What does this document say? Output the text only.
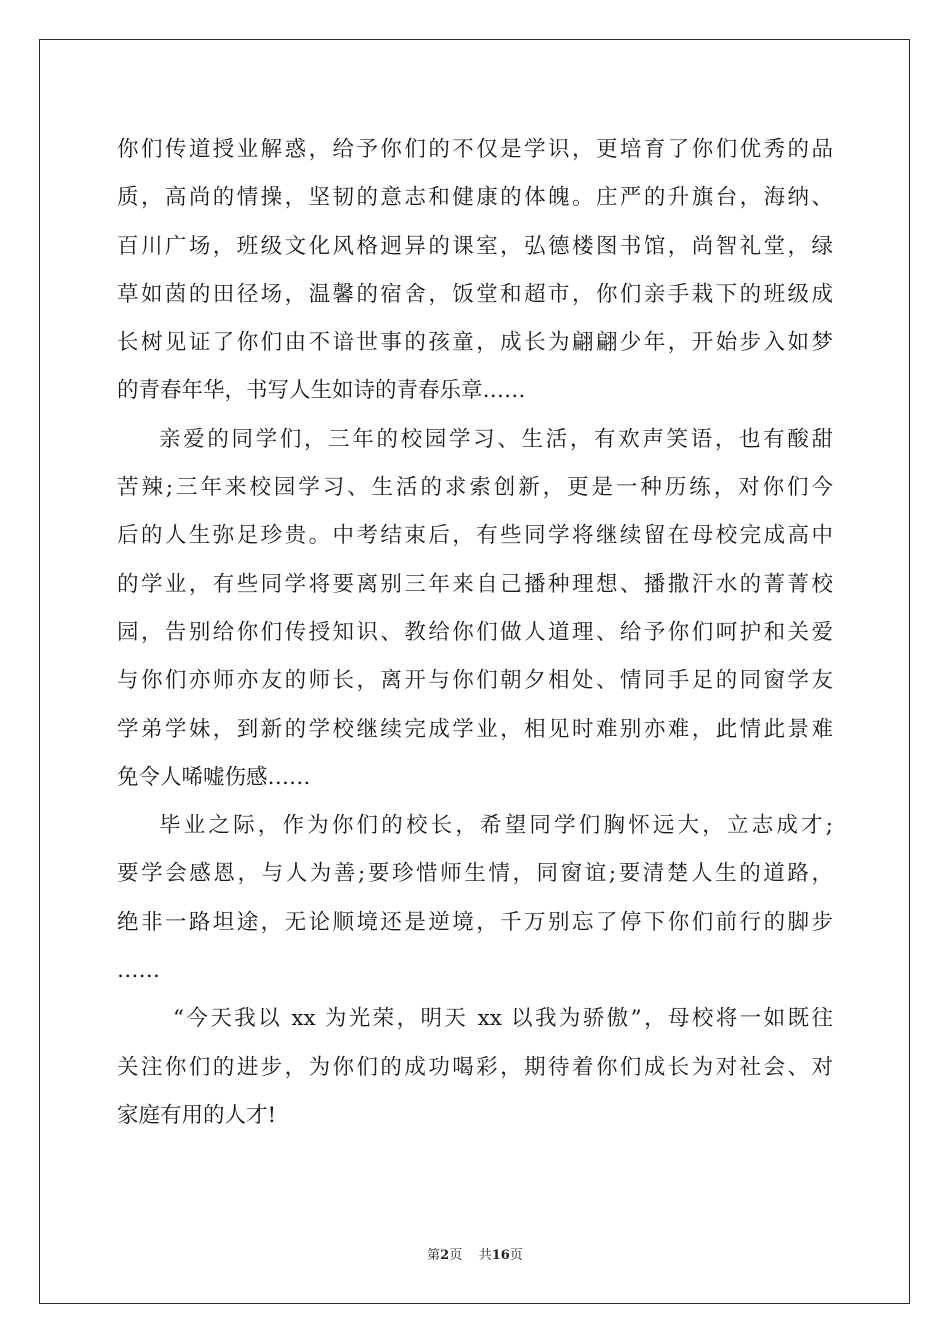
你们传道授业解惑，给予你们的不仅是学识，更培育了你们优秀的品
质，高尚的情操，坚韧的意志和健康的体魄。庄严的升旗台，海纳、
百川广场，班级文化风格迥异的课室，弘德楼图书馆，尚智礼堂，绿
草如茵的田径场，温馨的宿舍，饭堂和超市，你们亲手栽下的班级成
长树见证了你们由不谙世事的孩童，成长为翩翩少年，开始步入如梦
的青春年华，书写人生如诗的青春乐章……
亲爱的同学们，三年的校园学习、生活，有欢声笑语，也有酸甜
苦辣;三年来校园学习、生活的求索创新，更是一种历练，对你们今
后的人生弥足珍贵。中考结束后，有些同学将继续留在母校完成高中
的学业，有些同学将要离别三年来自己播种理想、播撒汗水的菁菁校
园，告别给你们传授知识、教给你们做人道理、给予你们呵护和关爱
与你们亦师亦友的师长，离开与你们朝夕相处、情同手足的同窗学友
学弟学妹，到新的学校继续完成学业，相见时难别亦难，此情此景难
免令人唏嘘伤感……
毕业之际，作为你们的校长，希望同学们胸怀远大，立志成才;
要学会感恩，与人为善;要珍惜师生情，同窗谊;要清楚人生的道路，
绝非一路坦途，无论顺境还是逆境，千万别忘了停下你们前行的脚步
……
“今天我以 xx 为光荣，明天 xx 以我为骄傲”，母校将一如既往
关注你们的进步，为你们的成功喝彩，期待着你们成长为对社会、对
家庭有用的人才!
第2页 共16页
